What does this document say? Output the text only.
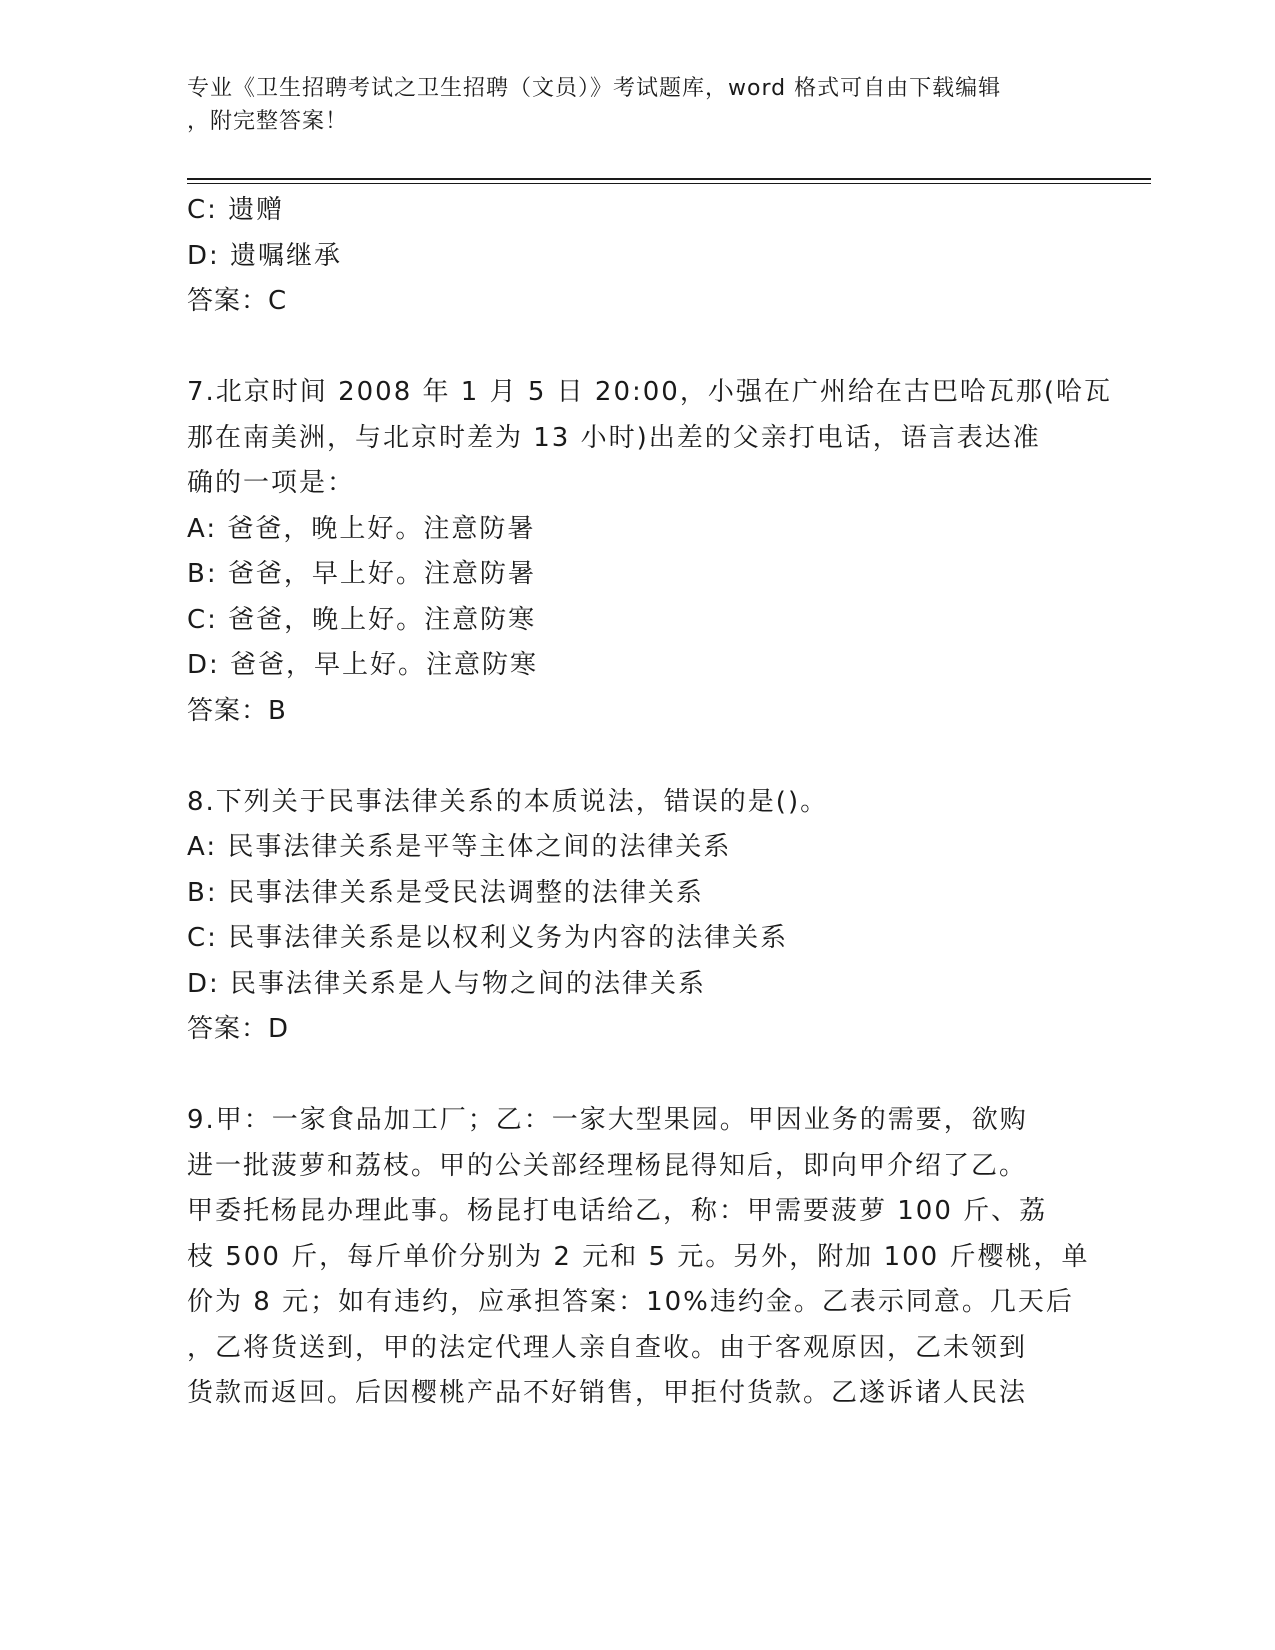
专业《卫生招聘考试之卫生招聘（文员）》考试题库，word 格式可自由下载编辑
，附完整答案！
C: 遗赠
D: 遗嘱继承
答案：C
7.北京时间 2008 年 1 月 5 日 20:00，小强在广州给在古巴哈瓦那(哈瓦
那在南美洲，与北京时差为 13 小时)出差的父亲打电话，语言表达准
确的一项是：
A: 爸爸，晚上好。注意防暑
B: 爸爸，早上好。注意防暑
C: 爸爸，晚上好。注意防寒
D: 爸爸，早上好。注意防寒
答案：B
8.下列关于民事法律关系的本质说法，错误的是()。
A: 民事法律关系是平等主体之间的法律关系
B: 民事法律关系是受民法调整的法律关系
C: 民事法律关系是以权利义务为内容的法律关系
D: 民事法律关系是人与物之间的法律关系
答案：D
9.甲：一家食品加工厂；乙：一家大型果园。甲因业务的需要，欲购
进一批菠萝和荔枝。甲的公关部经理杨昆得知后，即向甲介绍了乙。
甲委托杨昆办理此事。杨昆打电话给乙，称：甲需要菠萝 100 斤、荔
枝 500 斤，每斤单价分别为 2 元和 5 元。另外，附加 100 斤樱桃，单
价为 8 元；如有违约，应承担答案：10%违约金。乙表示同意。几天后
，乙将货送到，甲的法定代理人亲自查收。由于客观原因，乙未领到
货款而返回。后因樱桃产品不好销售，甲拒付货款。乙遂诉诸人民法
